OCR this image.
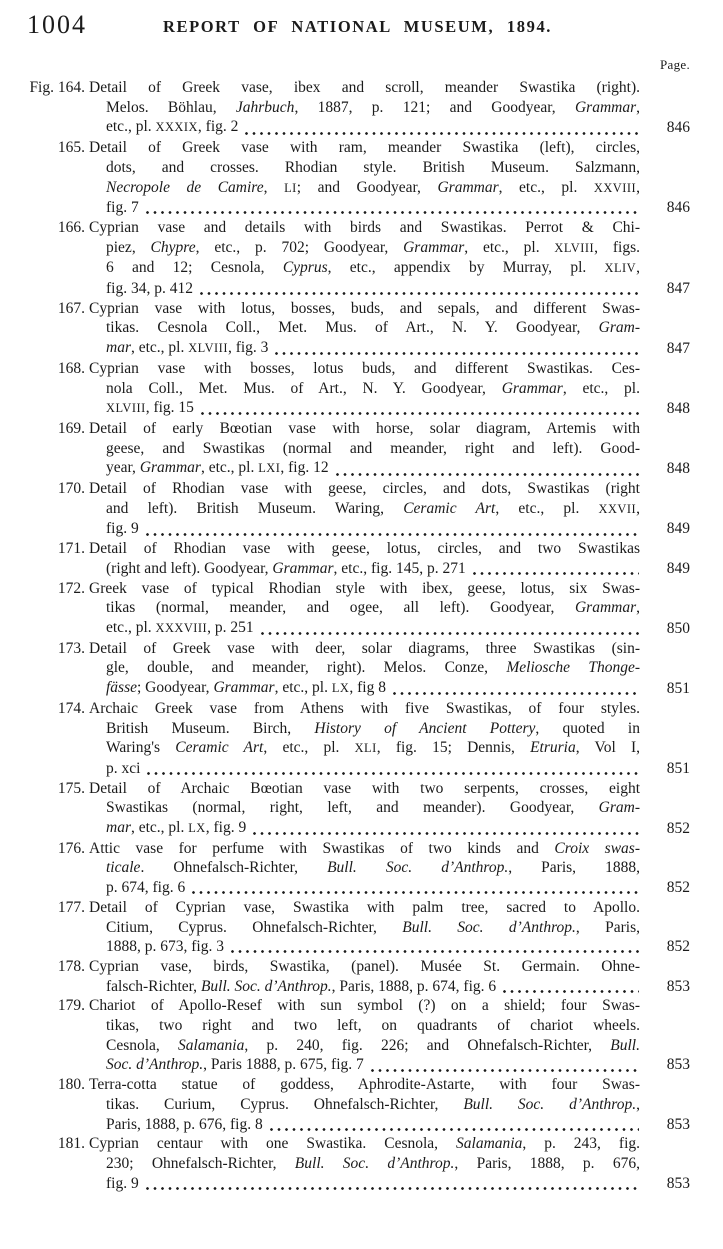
1004	REPORT OF NATIONAL MUSEUM, 1894.
Page.
Fig. 164. Detail of Greek vase, ibex and scroll, meander Swastika (right).
Melos. Böhlau, Jahrbuch, 1887, p. 121; and Goodyear, Grammar,
etc., pl. XXXIX, fig. 2	846
165. Detail of Greek vase with ram, meander Swastika (left), circles,
dots, and crosses. Rhodian style. British Museum. Salzmann,
Necropole de Camire, LI; and Goodyear, Grammar, etc., pl. XXVIII,
fig. 7	846
166. Cyprian vase and details with birds and Swastikas. Perrot & Chi-
piez, Chypre, etc., p. 702; Goodyear, Grammar, etc., pl. XLVIII, figs.
6 and 12; Cesnola, Cyprus, etc., appendix by Murray, pl. XLIV,
fig. 34, p. 412	847
167. Cyprian vase with lotus, bosses, buds, and sepals, and different Swas-
tikas. Cesnola Coll., Met. Mus. of Art., N. Y. Goodyear, Gram-
mar, etc., pl. XLVIII, fig. 3	847
168. Cyprian vase with bosses, lotus buds, and different Swastikas. Ces-
nola Coll., Met. Mus. of Art., N. Y. Goodyear, Grammar, etc., pl.
XLVIII, fig. 15	848
169. Detail of early Bœotian vase with horse, solar diagram, Artemis with
geese, and Swastikas (normal and meander, right and left). Good-
year, Grammar, etc., pl. LXI, fig. 12	848
170. Detail of Rhodian vase with geese, circles, and dots, Swastikas (right
and left). British Museum. Waring, Ceramic Art, etc., pl. XXVII,
fig. 9	849
171. Detail of Rhodian vase with geese, lotus, circles, and two Swastikas
(right and left). Goodyear, Grammar, etc., fig. 145, p. 271	849
172. Greek vase of typical Rhodian style with ibex, geese, lotus, six Swas-
tikas (normal, meander, and ogee, all left). Goodyear, Grammar,
etc., pl. XXXVIII, p. 251	850
173. Detail of Greek vase with deer, solar diagrams, three Swastikas (sin-
gle, double, and meander, right). Melos. Conze, Meliosche Thonge-
fässe; Goodyear, Grammar, etc., pl. LX, fig 8	851
174. Archaic Greek vase from Athens with five Swastikas, of four styles.
British Museum. Birch, History of Ancient Pottery, quoted in
Waring's Ceramic Art, etc., pl. XLI, fig. 15; Dennis, Etruria, Vol I,
p. xci	851
175. Detail of Archaic Bœotian vase with two serpents, crosses, eight
Swastikas (normal, right, left, and meander). Goodyear, Gram-
mar, etc., pl. LX, fig. 9	852
176. Attic vase for perfume with Swastikas of two kinds and Croix swas-
ticale. Ohnefalsch-Richter, Bull. Soc. d’Anthrop., Paris, 1888,
p. 674, fig. 6	852
177. Detail of Cyprian vase, Swastika with palm tree, sacred to Apollo.
Citium, Cyprus. Ohnefalsch-Richter, Bull. Soc. d’Anthrop., Paris,
1888, p. 673, fig. 3	852
178. Cyprian vase, birds, Swastika, (panel). Musée St. Germain. Ohne-
falsch-Richter, Bull. Soc. d’Anthrop., Paris, 1888, p. 674, fig. 6	853
179. Chariot of Apollo-Resef with sun symbol (?) on a shield; four Swas-
tikas, two right and two left, on quadrants of chariot wheels.
Cesnola, Salamania, p. 240, fig. 226; and Ohnefalsch-Richter, Bull.
Soc. d’Anthrop., Paris 1888, p. 675, fig. 7	853
180. Terra-cotta statue of goddess, Aphrodite-Astarte, with four Swas-
tikas. Curium, Cyprus. Ohnefalsch-Richter, Bull. Soc. d’Anthrop.,
Paris, 1888, p. 676, fig. 8	853
181. Cyprian centaur with one Swastika. Cesnola, Salamania, p. 243, fig.
230; Ohnefalsch-Richter, Bull. Soc. d’Anthrop., Paris, 1888, p. 676,
fig. 9	853
